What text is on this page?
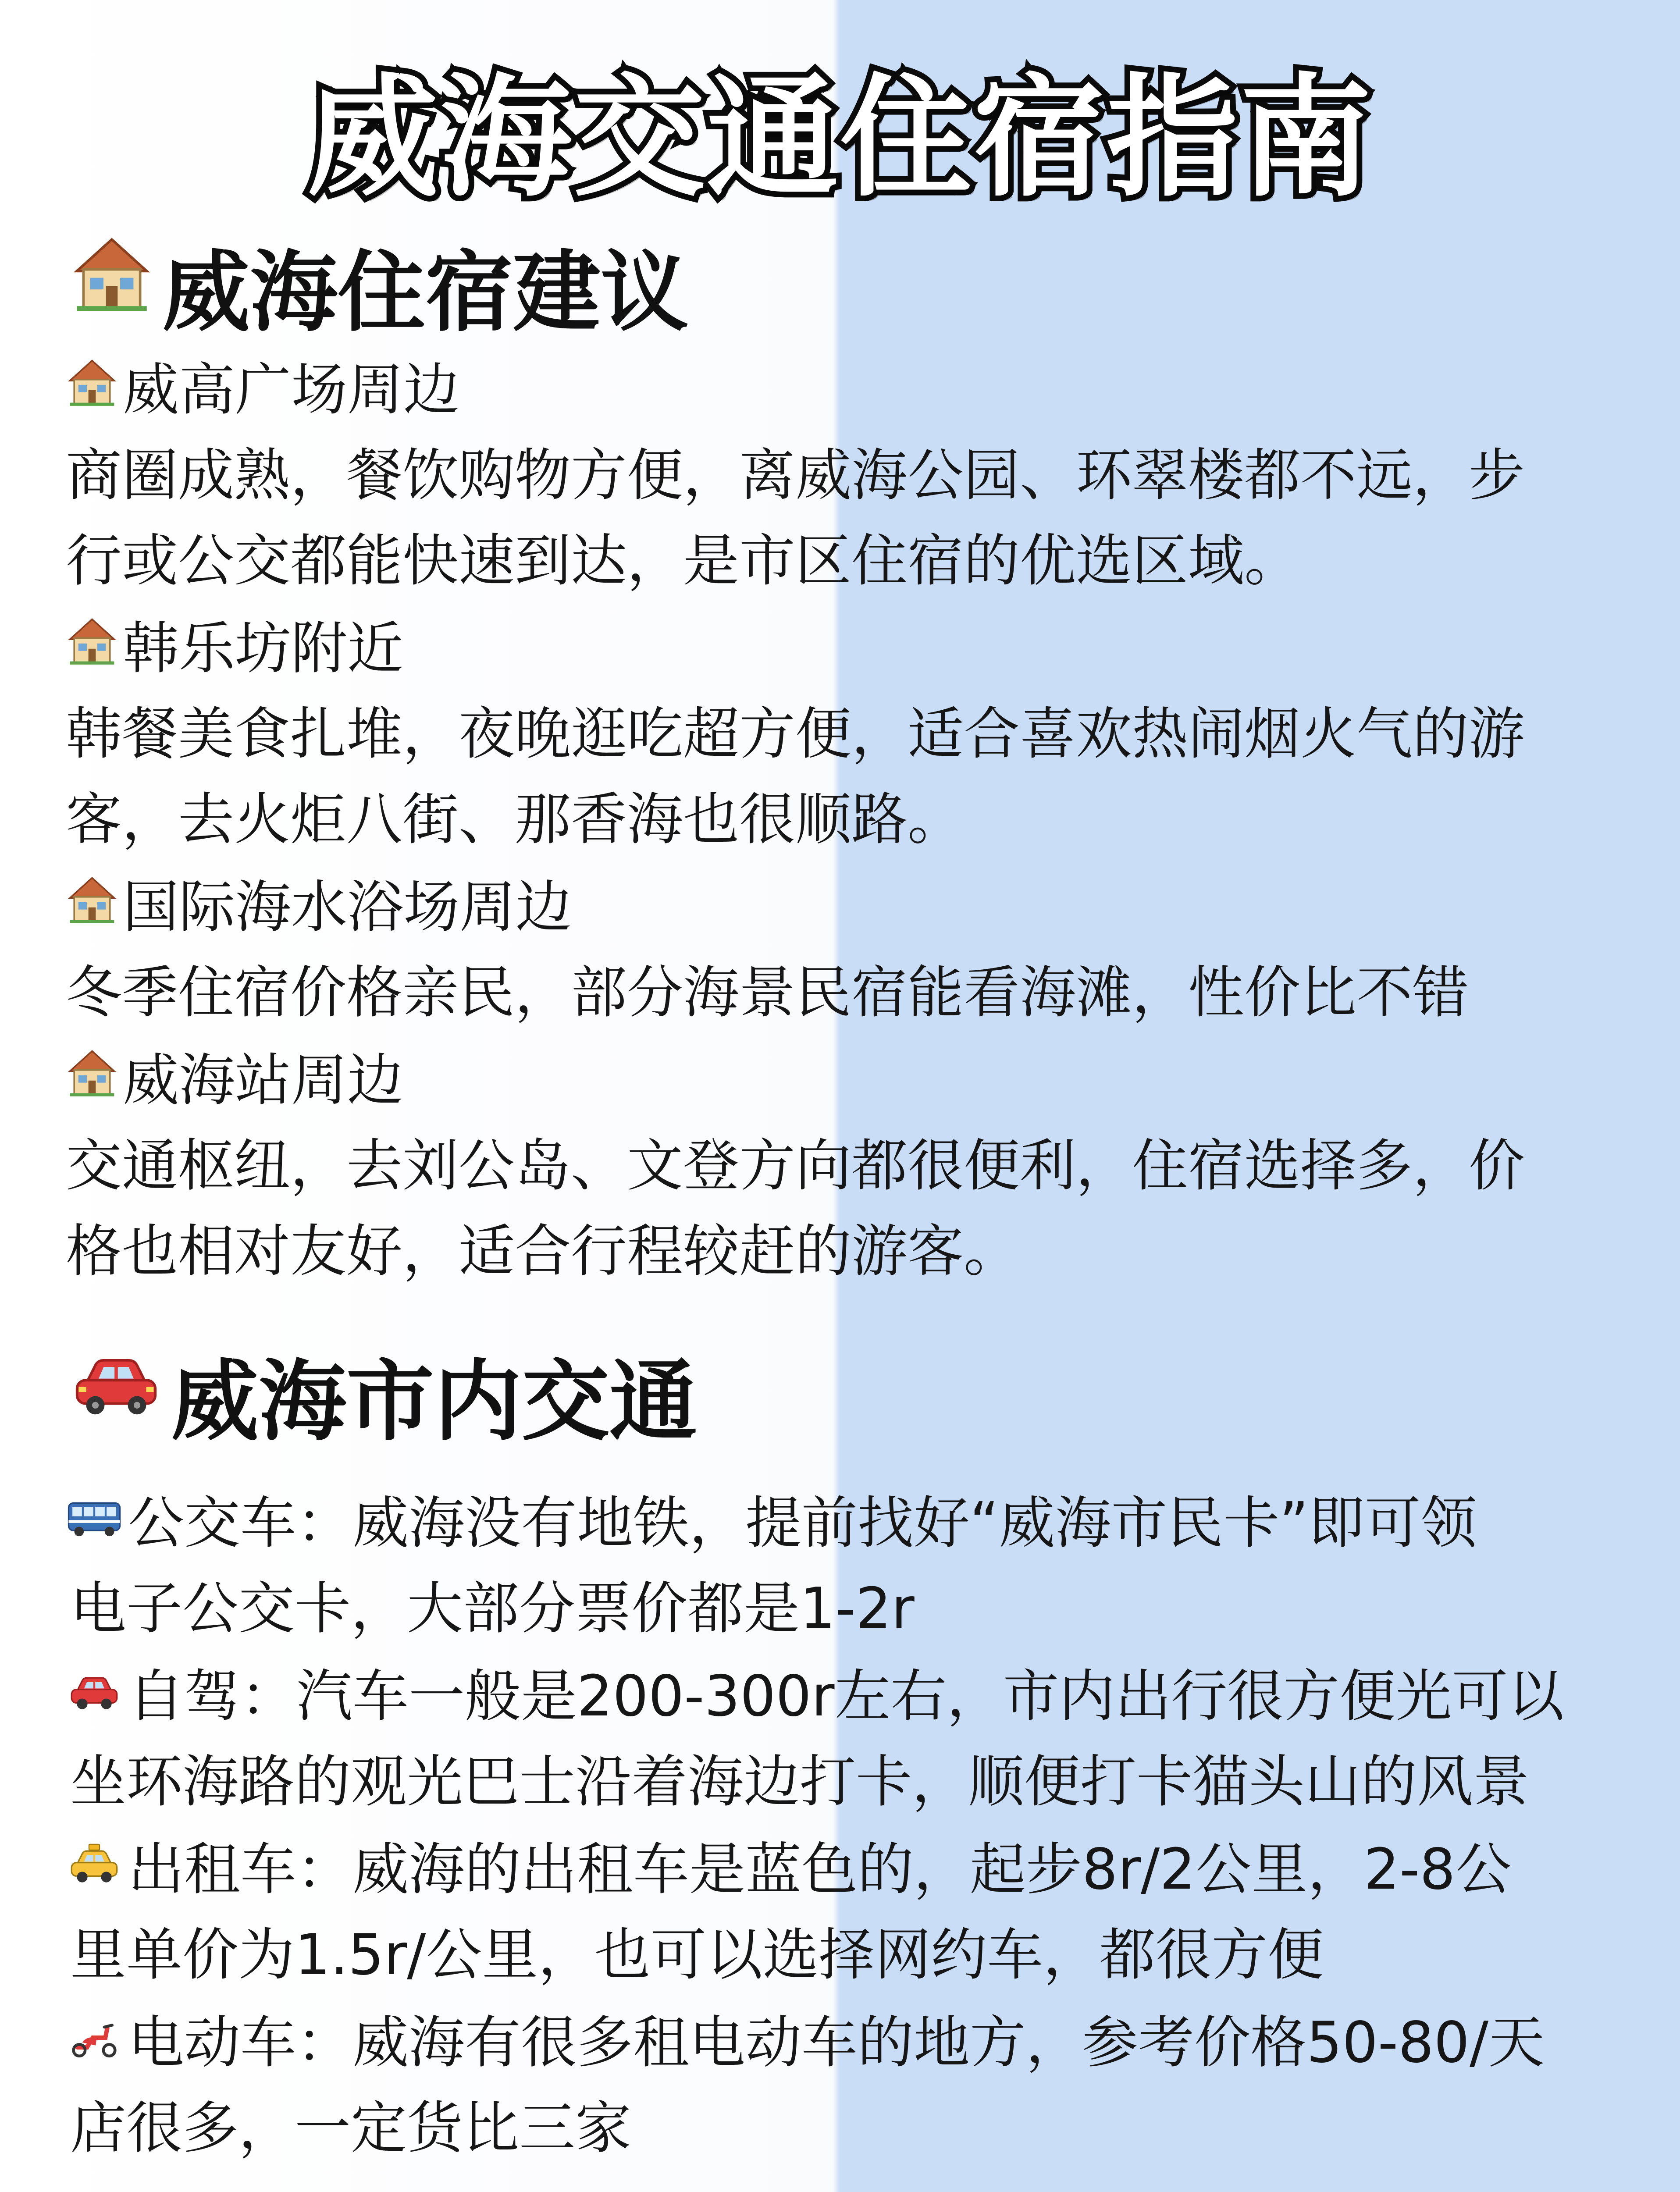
威海交通住宿指南
威海住宿建议
威高广场周边
商圈成熟，餐饮购物方便，离威海公园、环翠楼都不远，步
行或公交都能快速到达，是市区住宿的优选区域。
韩乐坊附近
韩餐美食扎堆，夜晚逛吃超方便，适合喜欢热闹烟火气的游
客，去火炬八街、那香海也很顺路。
国际海水浴场周边
冬季住宿价格亲民，部分海景民宿能看海滩，性价比不错
威海站周边
交通枢纽，去刘公岛、文登方向都很便利，住宿选择多，价
格也相对友好，适合行程较赶的游客。
威海市内交通
公交车：威海没有地铁，提前找好“威海市民卡”即可领
电子公交卡，大部分票价都是1-2r
自驾：汽车一般是200-300r左右，市内出行很方便光可以
坐环海路的观光巴士沿着海边打卡，顺便打卡猫头山的风景
出租车：威海的出租车是蓝色的，起步8r/2公里，2-8公
里单价为1.5r/公里，也可以选择网约车，都很方便
电动车：威海有很多租电动车的地方，参考价格50-80/天
店很多，一定货比三家
